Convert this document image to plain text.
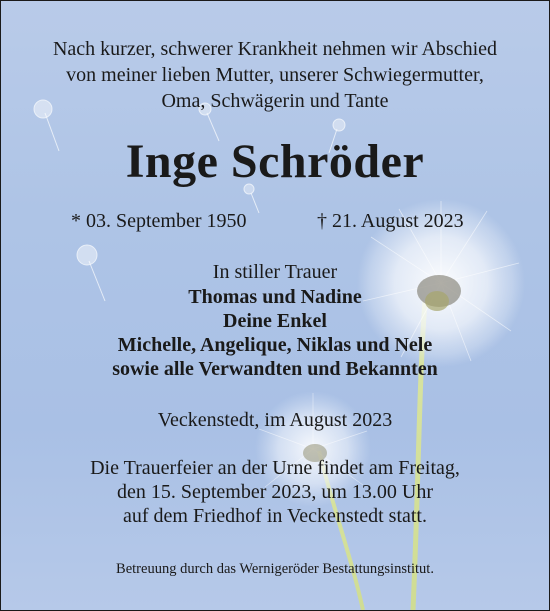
Nach kurzer, schwerer Krankheit nehmen wir Abschied
von meiner lieben Mutter, unserer Schwiegermutter,
Oma, Schwägerin und Tante
Inge Schröder
* 03. September 1950	† 21. August 2023
In stiller Trauer
Thomas und Nadine
Deine Enkel
Michelle, Angelique, Niklas und Nele
sowie alle Verwandten und Bekannten
Veckenstedt, im August 2023
Die Trauerfeier an der Urne findet am Freitag,
den 15. September 2023, um 13.00 Uhr
auf dem Friedhof in Veckenstedt statt.
Betreuung durch das Wernigeröder Bestattungsinstitut.
